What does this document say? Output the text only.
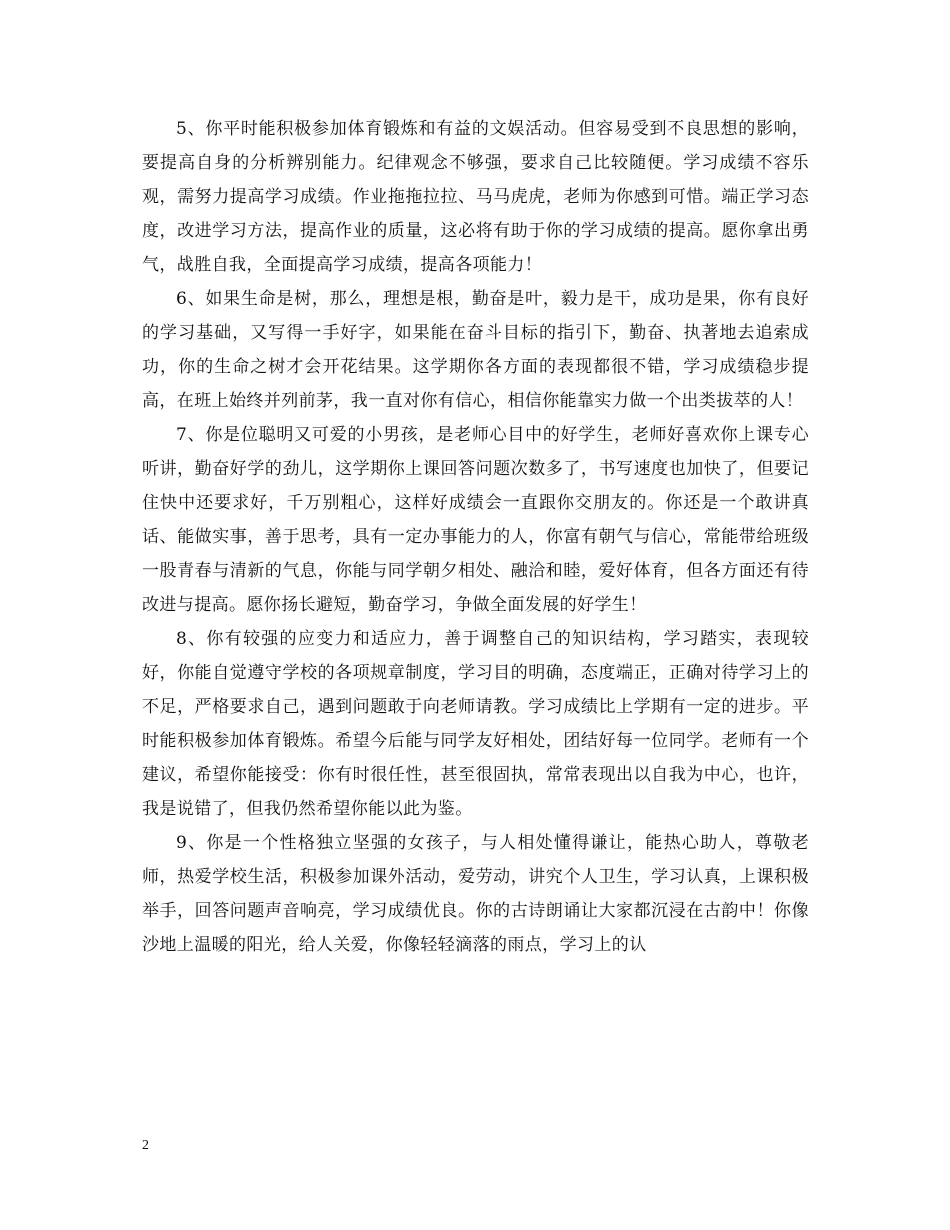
5、你平时能积极参加体育锻炼和有益的文娱活动。但容易受到不良思想的影响，要提高自身的分析辨别能力。纪律观念不够强，要求自己比较随便。学习成绩不容乐观，需努力提高学习成绩。作业拖拖拉拉、马马虎虎，老师为你感到可惜。端正学习态度，改进学习方法，提高作业的质量，这必将有助于你的学习成绩的提高。愿你拿出勇气，战胜自我，全面提高学习成绩，提高各项能力！

6、如果生命是树，那么，理想是根，勤奋是叶，毅力是干，成功是果，你有良好的学习基础，又写得一手好字，如果能在奋斗目标的指引下，勤奋、执著地去追索成功，你的生命之树才会开花结果。这学期你各方面的表现都很不错，学习成绩稳步提高，在班上始终并列前茅，我一直对你有信心，相信你能靠实力做一个出类拔萃的人！

7、你是位聪明又可爱的小男孩，是老师心目中的好学生，老师好喜欢你上课专心听讲，勤奋好学的劲儿，这学期你上课回答问题次数多了，书写速度也加快了，但要记住快中还要求好，千万别粗心，这样好成绩会一直跟你交朋友的。你还是一个敢讲真话、能做实事，善于思考，具有一定办事能力的人，你富有朝气与信心，常能带给班级一股青春与清新的气息，你能与同学朝夕相处、融洽和睦，爱好体育，但各方面还有待改进与提高。愿你扬长避短，勤奋学习，争做全面发展的好学生！

8、你有较强的应变力和适应力，善于调整自己的知识结构，学习踏实，表现较好，你能自觉遵守学校的各项规章制度，学习目的明确，态度端正，正确对待学习上的不足，严格要求自己，遇到问题敢于向老师请教。学习成绩比上学期有一定的进步。平时能积极参加体育锻炼。希望今后能与同学友好相处，团结好每一位同学。老师有一个建议，希望你能接受：你有时很任性，甚至很固执，常常表现出以自我为中心，也许，我是说错了，但我仍然希望你能以此为鉴。

9、你是一个性格独立坚强的女孩子，与人相处懂得谦让，能热心助人，尊敬老师，热爱学校生活，积极参加课外活动，爱劳动，讲究个人卫生，学习认真，上课积极举手，回答问题声音响亮，学习成绩优良。你的古诗朗诵让大家都沉浸在古韵中！你像沙地上温暖的阳光，给人关爱，你像轻轻滴落的雨点，学习上的认

2
